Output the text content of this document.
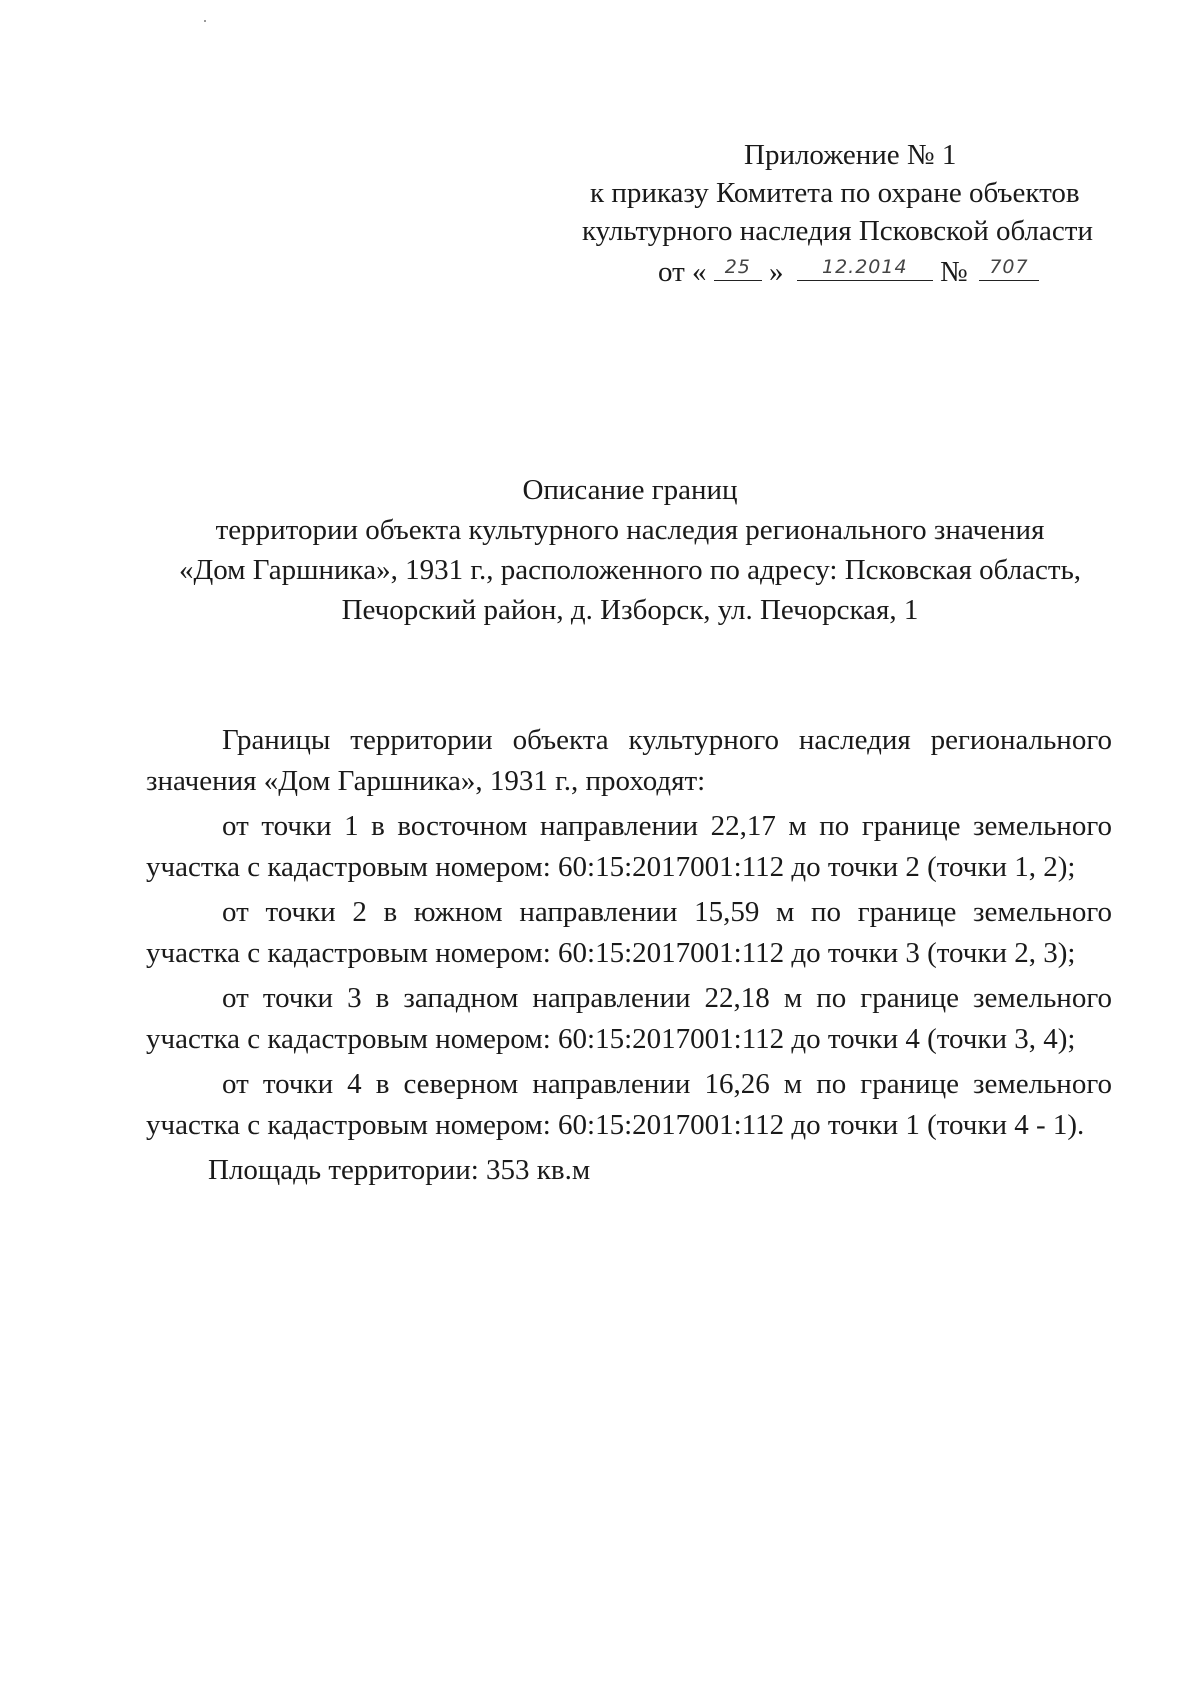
Приложение № 1
к приказу Комитета по охране объектов
культурного наследия Псковской области
от « 25 »	12.2014	№	707
Описание границ
территории объекта культурного наследия регионального значения
«Дом Гаршника», 1931 г., расположенного по адресу: Псковская область,
Печорский район, д. Изборск, ул. Печорская, 1

Границы территории объекта культурного наследия регионального значения «Дом Гаршника», 1931 г., проходят:

от точки 1 в восточном направлении 22,17 м по границе земельного участка с кадастровым номером: 60:15:2017001:112 до точки 2 (точки 1, 2);

от точки 2 в южном направлении 15,59 м по границе земельного участка с кадастровым номером: 60:15:2017001:112 до точки 3 (точки 2, 3);

от точки 3 в западном направлении 22,18 м по границе земельного участка с кадастровым номером: 60:15:2017001:112 до точки 4 (точки 3, 4);

от точки 4 в северном направлении 16,26 м по границе земельного участка с кадастровым номером: 60:15:2017001:112 до точки 1 (точки 4 - 1).

Площадь территории: 353 кв.м
